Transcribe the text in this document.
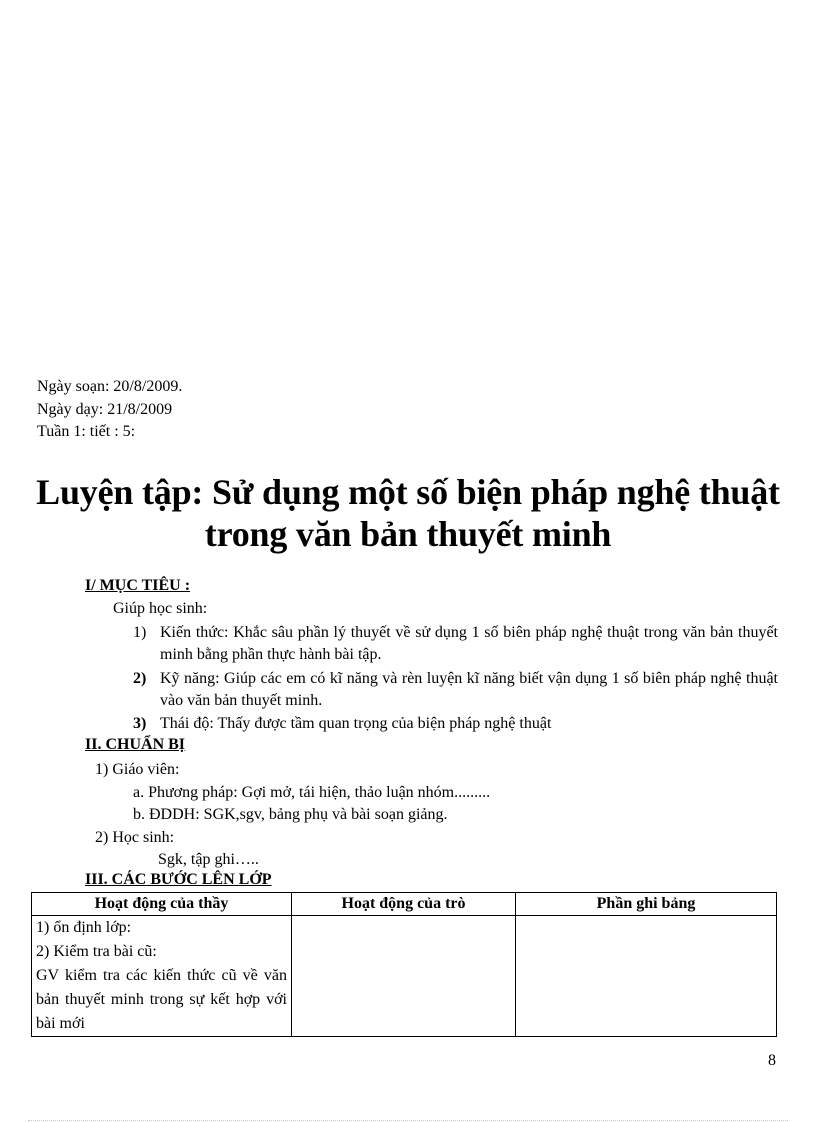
Ngày soạn: 20/8/2009.
Ngày dạy: 21/8/2009
Tuần 1: tiết : 5:
Luyện tập: Sử dụng một số biện pháp nghệ thuật
trong văn bản thuyết minh
I/ MỤC TIÊU :
Giúp học sinh:
1) Kiến thức: Khắc sâu phần lý thuyết về sử dụng 1 số biên pháp nghệ thuật trong văn bản thuyết minh bằng phần thực hành bài tập.
2) Kỹ năng: Giúp các em có kĩ năng và rèn luyện kĩ năng biết vận dụng 1 số biên pháp nghệ thuật vào văn bản thuyết minh.
3) Thái độ: Thấy được tầm quan trọng của biện pháp nghệ thuật
II. CHUẨN BỊ
1) Giáo viên:
a. Phương pháp: Gợi mở, tái hiện, thảo luận nhóm.........
b. ĐDDH: SGK,sgv, bảng phụ và bài soạn giảng.
2) Học sinh:
Sgk, tập ghi…..
III. CÁC BƯỚC LÊN LỚP
Hoạt động của thầy	Hoạt động của trò	Phần ghi bảng

1) ổn định lớp:
2) Kiểm tra bài cũ:
GV kiểm tra các kiến thức cũ về văn bản thuyết minh trong sự kết hợp với bài mới		

8
